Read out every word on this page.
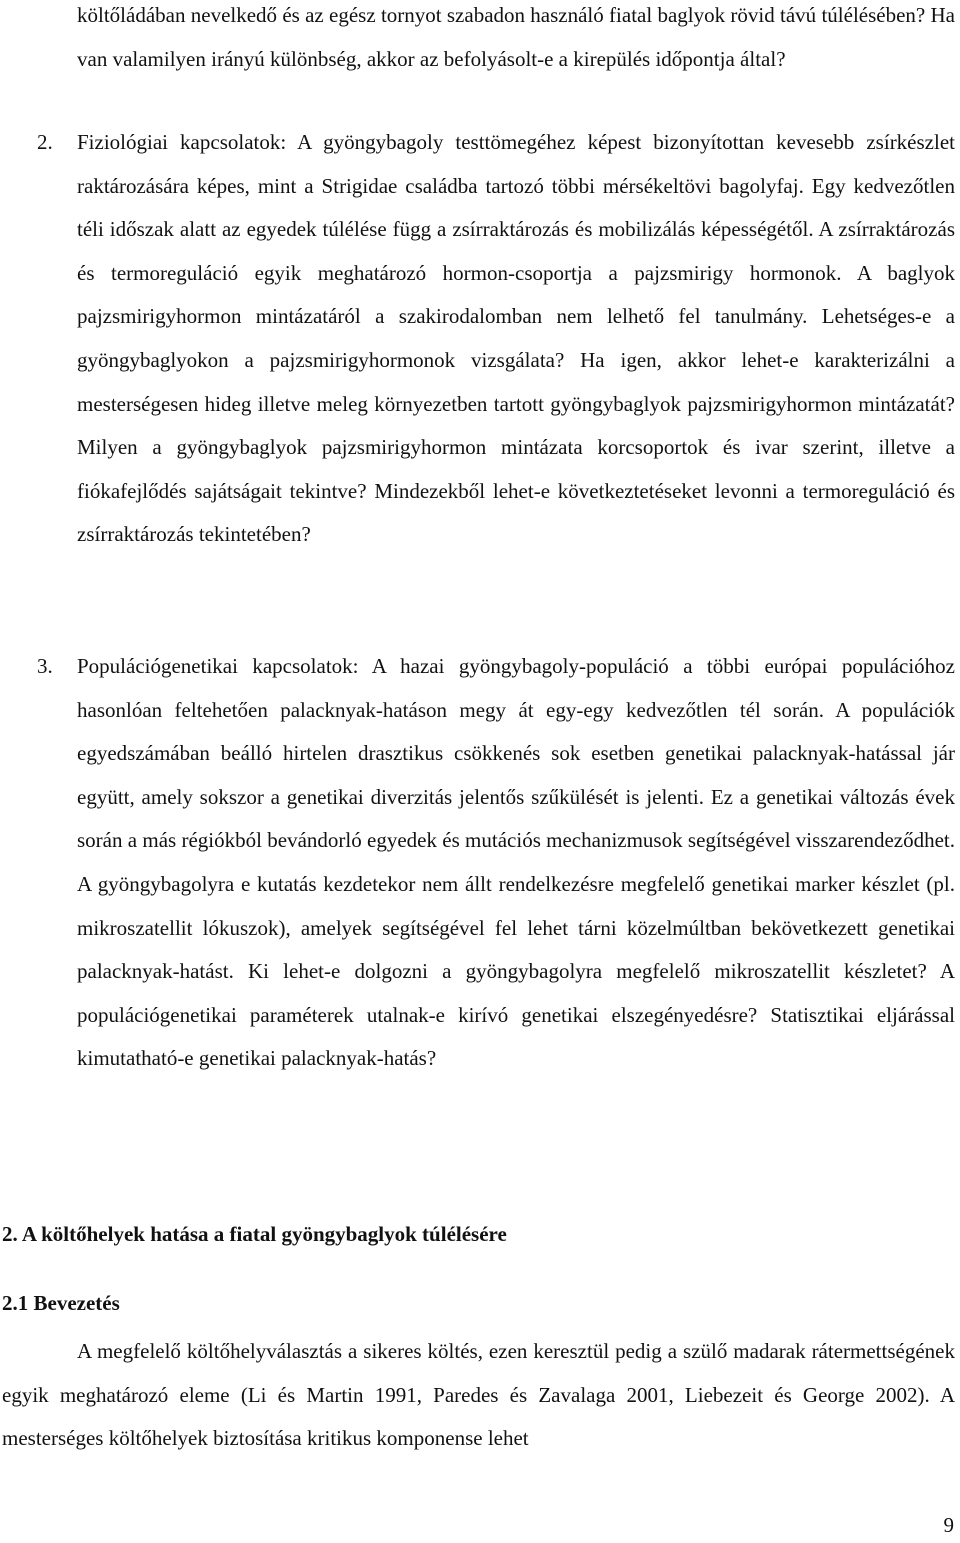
költőládában nevelkedő és az egész tornyot szabadon használó fiatal baglyok rövid távú túlélésében? Ha van valamilyen irányú különbség, akkor az befolyásolt-e a kirepülés időpontja által?

2. Fiziológiai kapcsolatok: A gyöngybagoly testtömegéhez képest bizonyítottan kevesebb zsírkészlet raktározására képes, mint a Strigidae családba tartozó többi mérsékeltövi bagolyfaj. Egy kedvezőtlen téli időszak alatt az egyedek túlélése függ a zsírraktározás és mobilizálás képességétől. A zsírraktározás és termoreguláció egyik meghatározó hormon-csoportja a pajzsmirigy hormonok. A baglyok pajzsmirigyhormon mintázatáról a szakirodalomban nem lelhető fel tanulmány. Lehetséges-e a gyöngybaglyokon a pajzsmirigyhormonok vizsgálata? Ha igen, akkor lehet-e karakterizálni a mesterségesen hideg illetve meleg környezetben tartott gyöngybaglyok pajzsmirigyhormon mintázatát? Milyen a gyöngybaglyok pajzsmirigyhormon mintázata korcsoportok és ivar szerint, illetve a fiókafejlődés sajátságait tekintve? Mindezekből lehet-e következtetéseket levonni a termoreguláció és zsírraktározás tekintetében?

3. Populációgenetikai kapcsolatok: A hazai gyöngybagoly-populáció a többi európai populációhoz hasonlóan feltehetően palacknyak-hatáson megy át egy-egy kedvezőtlen tél során. A populációk egyedszámában beálló hirtelen drasztikus csökkenés sok esetben genetikai palacknyak-hatással jár együtt, amely sokszor a genetikai diverzitás jelentős szűkülését is jelenti. Ez a genetikai változás évek során a más régiókból bevándorló egyedek és mutációs mechanizmusok segítségével visszarendeződhet. A gyöngybagolyra e kutatás kezdetekor nem állt rendelkezésre megfelelő genetikai marker készlet (pl. mikroszatellit lókuszok), amelyek segítségével fel lehet tárni közelmúltban bekövetkezett genetikai palacknyak-hatást. Ki lehet-e dolgozni a gyöngybagolyra megfelelő mikroszatellit készletet? A populációgenetikai paraméterek utalnak-e kirívó genetikai elszegényedésre? Statisztikai eljárással kimutatható-e genetikai palacknyak-hatás?

2. A költőhelyek hatása a fiatal gyöngybaglyok túlélésére
2.1 Bevezetés

A megfelelő költőhelyválasztás a sikeres költés, ezen keresztül pedig a szülő madarak rátermettségének egyik meghatározó eleme (Li és Martin 1991, Paredes és Zavalaga 2001, Liebezeit és George 2002). A mesterséges költőhelyek biztosítása kritikus komponense lehet

9
